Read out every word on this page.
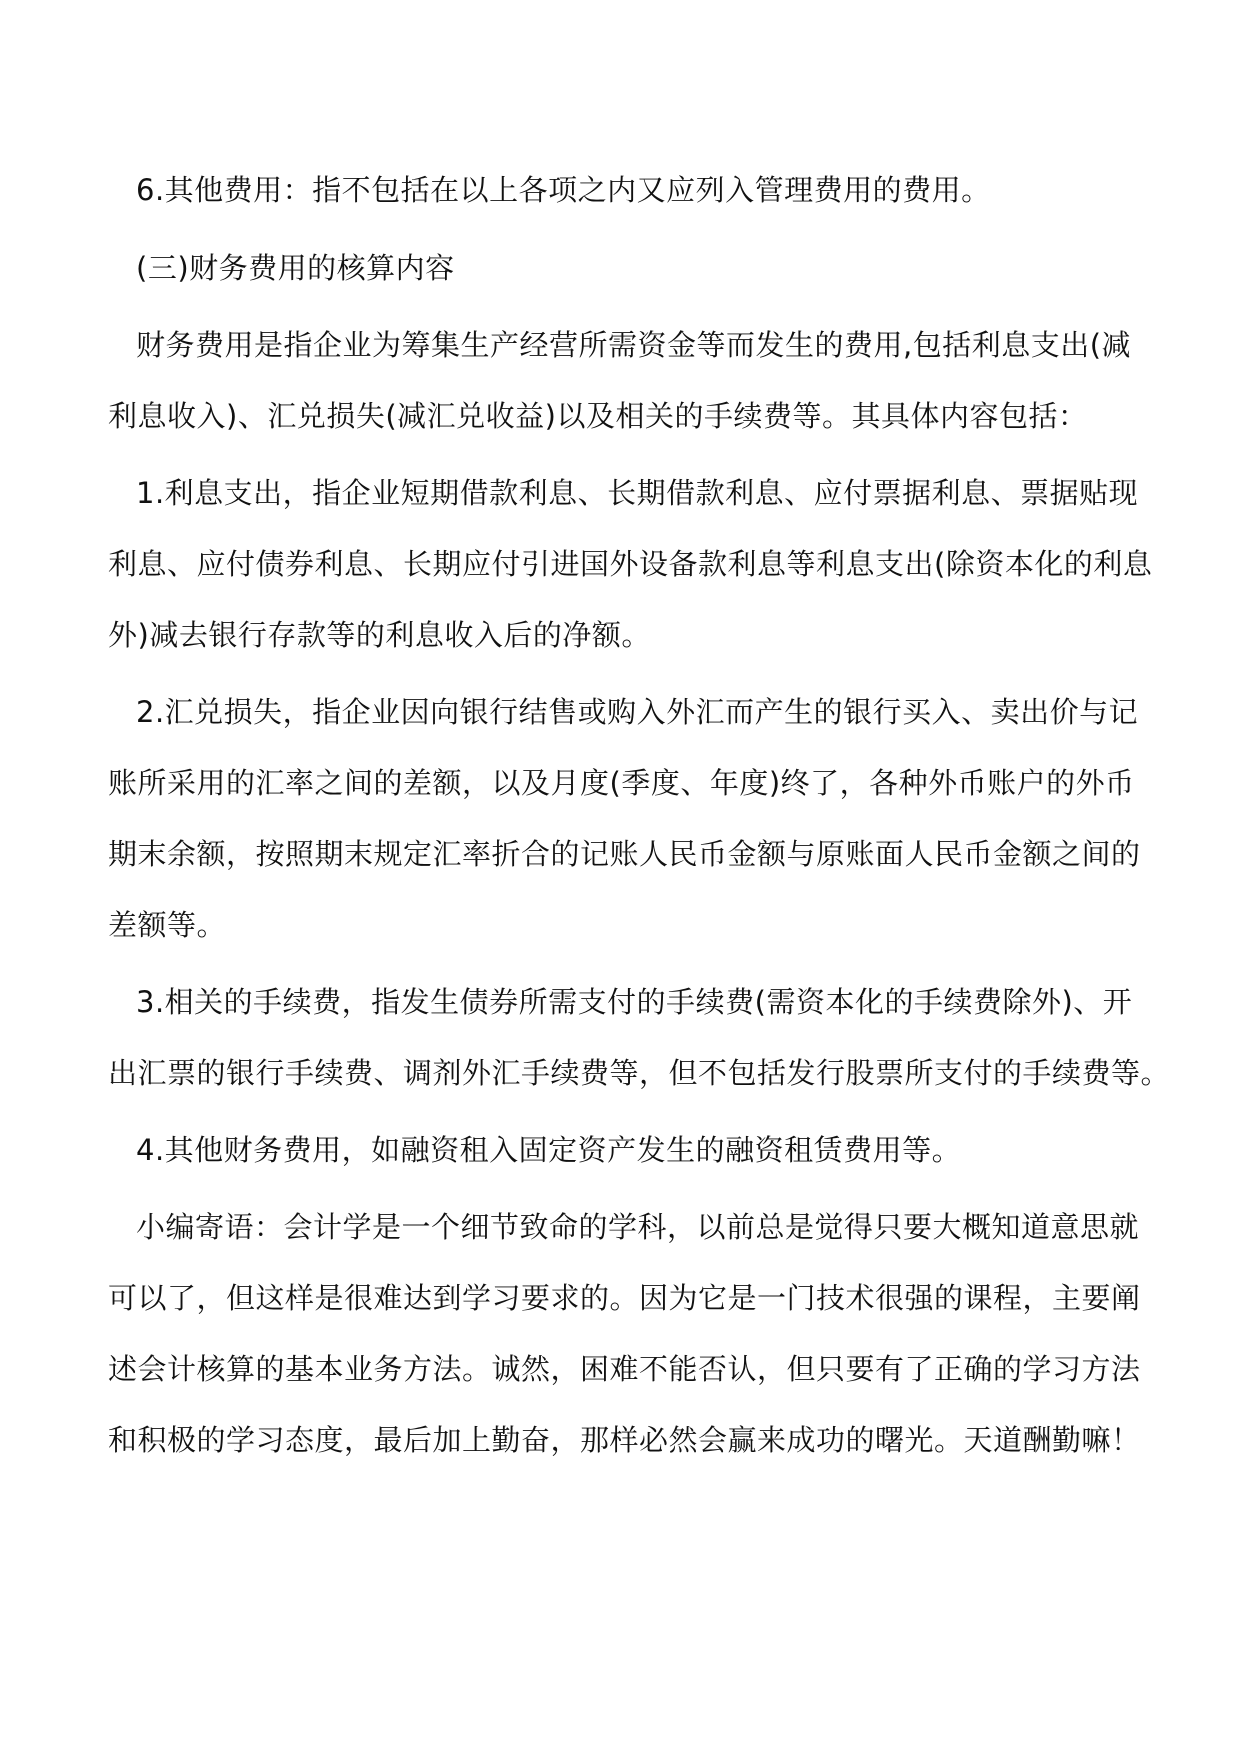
6.其他费用：指不包括在以上各项之内又应列入管理费用的费用。
(三)财务费用的核算内容
财务费用是指企业为筹集生产经营所需资金等而发生的费用,包括利息支出(减
利息收入)、汇兑损失(减汇兑收益)以及相关的手续费等。其具体内容包括：
1.利息支出，指企业短期借款利息、长期借款利息、应付票据利息、票据贴现
利息、应付债券利息、长期应付引进国外设备款利息等利息支出(除资本化的利息
外)减去银行存款等的利息收入后的净额。
2.汇兑损失，指企业因向银行结售或购入外汇而产生的银行买入、卖出价与记
账所采用的汇率之间的差额，以及月度(季度、年度)终了，各种外币账户的外币
期末余额，按照期末规定汇率折合的记账人民币金额与原账面人民币金额之间的
差额等。
3.相关的手续费，指发生债券所需支付的手续费(需资本化的手续费除外)、开
出汇票的银行手续费、调剂外汇手续费等，但不包括发行股票所支付的手续费等。
4.其他财务费用，如融资租入固定资产发生的融资租赁费用等。
小编寄语：会计学是一个细节致命的学科，以前总是觉得只要大概知道意思就
可以了，但这样是很难达到学习要求的。因为它是一门技术很强的课程，主要阐
述会计核算的基本业务方法。诚然，困难不能否认，但只要有了正确的学习方法
和积极的学习态度，最后加上勤奋，那样必然会赢来成功的曙光。天道酬勤嘛！
